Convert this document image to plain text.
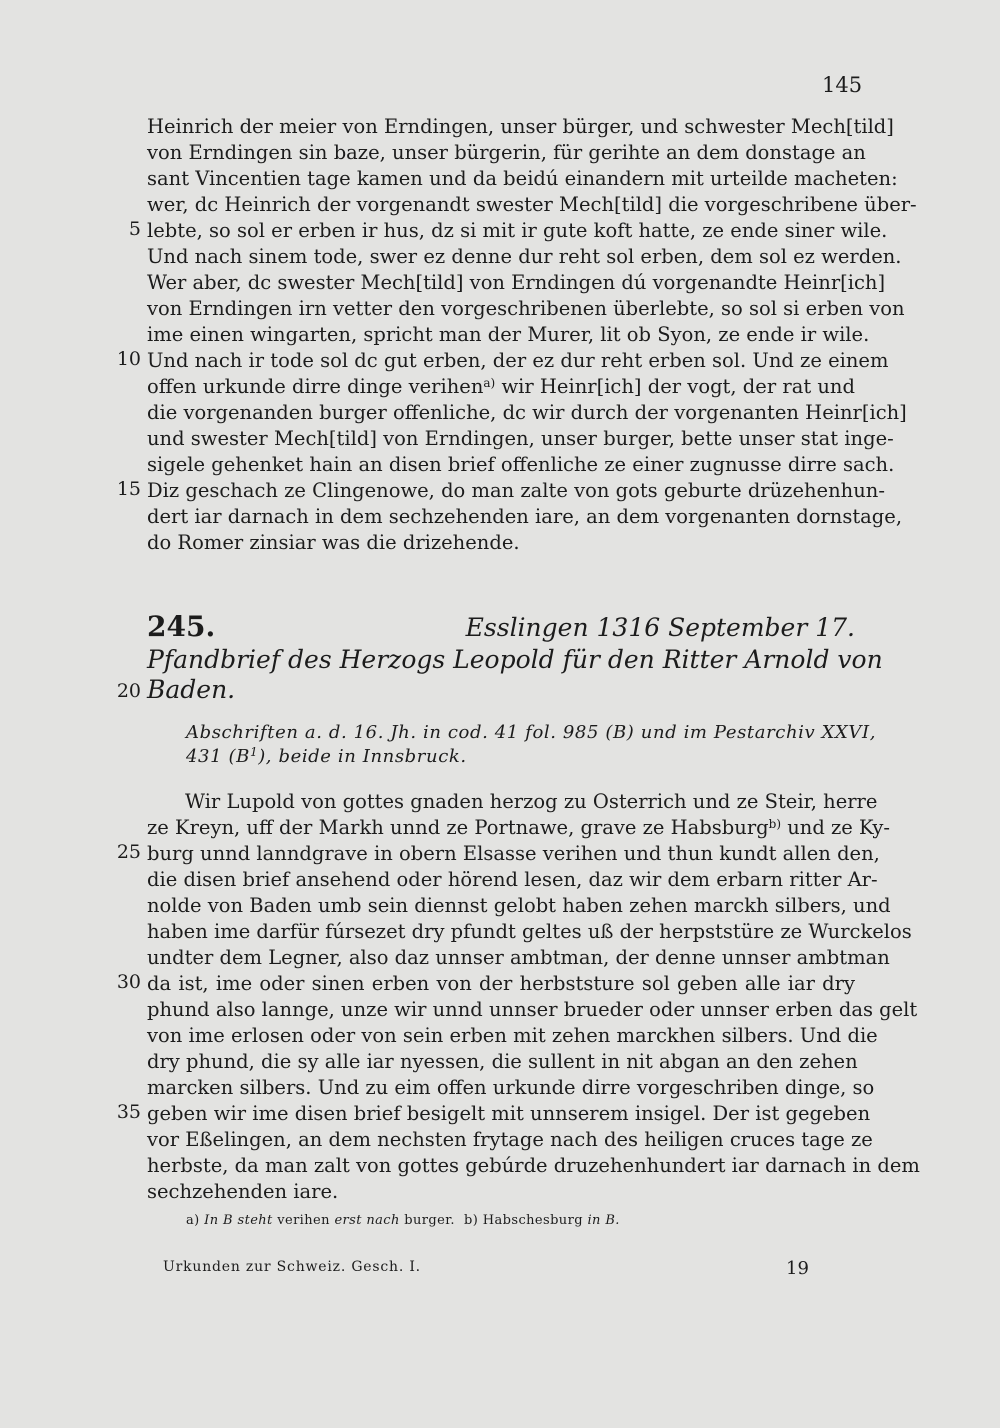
145
Heinrich der meier von Erndingen, unser bürger, und schwester Mech[tild]
von Erndingen sin baze, unser bürgerin, für gerihte an dem donstage an
sant Vincentien tage kamen und da beidú einandern mit urteilde macheten:
wer, dc Heinrich der vorgenandt swester Mech[tild] die vorgeschribene über-
5 lebte, so sol er erben ir hus, dz si mit ir gute koft hatte, ze ende siner wile.
Und nach sinem tode, swer ez denne dur reht sol erben, dem sol ez werden.
Wer aber, dc swester Mech[tild] von Erndingen dú vorgenandte Heinr[ich]
von Erndingen irn vetter den vorgeschribenen überlebte, so sol si erben von
ime einen wingarten, spricht man der Murer, lit ob Syon, ze ende ir wile.
10 Und nach ir tode sol dc gut erben, der ez dur reht erben sol. Und ze einem
offen urkunde dirre dinge verihen$^{a)}$ wir Heinr[ich] der vogt, der rat und
die vorgenanden burger offenliche, dc wir durch der vorgenanten Heinr[ich]
und swester Mech[tild] von Erndingen, unser burger, bette unser stat inge-
sigele gehenket hain an disen brief offenliche ze einer zugnusse dirre sach.
15 Diz geschach ze Clingenowe, do man zalte von gots geburte drüzehenhun-
dert iar darnach in dem sechzehenden iare, an dem vorgenanten dornstage,
do Romer zinsiar was die drizehende.
245.	Esslingen 1316 September 17.
Pfandbrief des Herzogs Leopold für den Ritter Arnold von
20 Baden.
Abschriften a. d. 16. Jh. in cod. 41 fol. 985 (B) und im Pestarchiv XXVI,
431 $(B^1)$, beide in Innsbruck.
Wir Lupold von gottes gnaden herzog zu Osterrich und ze Steir, herre
ze Kreyn, uff der Markh unnd ze Portnawe, grave ze Habsburg$^{b)}$ und ze Ky-
25 burg unnd lanndgrave in obern Elsasse verihen und thun kundt allen den,
die disen brief ansehend oder hörend lesen, daz wir dem erbarn ritter Ar-
nolde von Baden umb sein diennst gelobt haben zehen marckh silbers, und
haben ime darfür fúrsezet dry pfundt geltes uß der herpststüre ze Wurckelos
undter dem Legner, also daz unnser ambtman, der denne unnser ambtman
30 da ist, ime oder sinen erben von der herbststure sol geben alle iar dry
phund also lannge, unze wir unnd unnser brueder oder unnser erben das gelt
von ime erlosen oder von sein erben mit zehen marckhen silbers. Und die
dry phund, die sy alle iar nyessen, die sullent in nit abgan an den zehen
marcken silbers. Und zu eim offen urkunde dirre vorgeschriben dinge, so
35 geben wir ime disen brief besigelt mit unnserem insigel. Der ist gegeben
vor Eßelingen, an dem nechsten frytage nach des heiligen cruces tage ze
herbste, da man zalt von gottes gebúrde druzehenhundert iar darnach in dem
sechzehenden iare.
a) In B steht verihen erst nach burger. b) Habschesburg in B.
Urkunden zur Schweiz. Gesch. I.	19
